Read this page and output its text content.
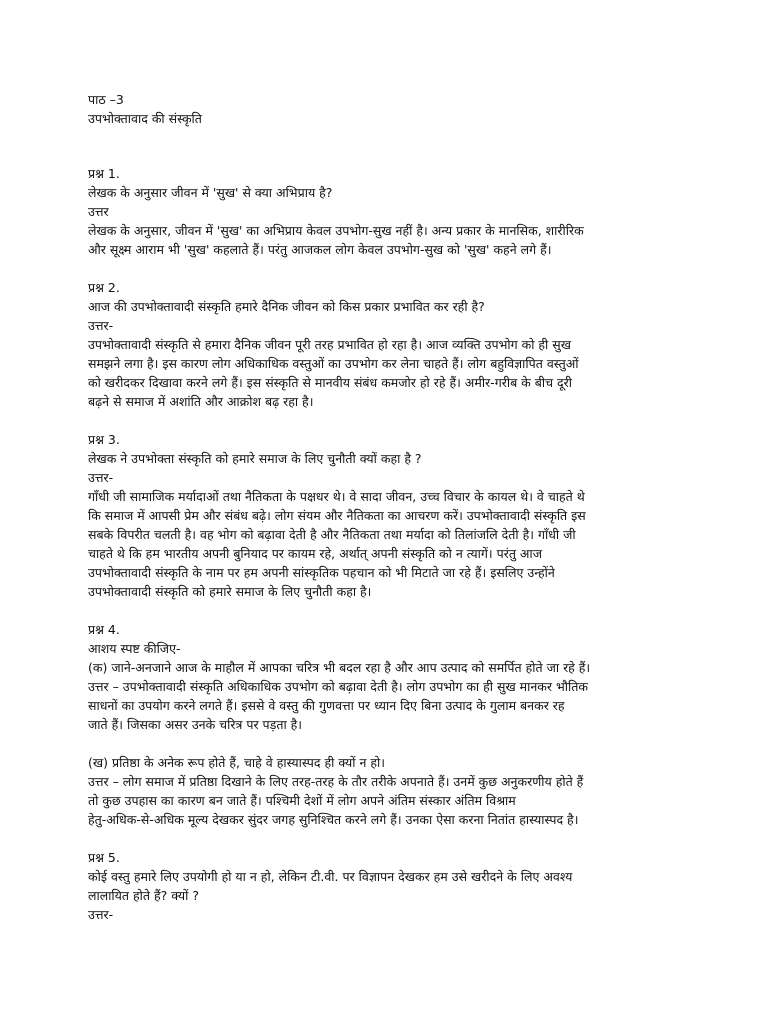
पाठ –3
उपभोक्तावाद की संस्कृति
प्रश्न 1.
लेखक के अनुसार जीवन में 'सुख' से क्या अभिप्राय है?
उत्तर
लेखक के अनुसार, जीवन में 'सुख' का अभिप्राय केवल उपभोग-सुख नहीं है। अन्य प्रकार के मानसिक, शारीरिक
और सूक्ष्म आराम भी 'सुख' कहलाते हैं। परंतु आजकल लोग केवल उपभोग-सुख को 'सुख' कहने लगे हैं।
प्रश्न 2.
आज की उपभोक्तावादी संस्कृति हमारे दैनिक जीवन को किस प्रकार प्रभावित कर रही है?
उत्तर-
उपभोक्तावादी संस्कृति से हमारा दैनिक जीवन पूरी तरह प्रभावित हो रहा है। आज व्यक्ति उपभोग को ही सुख
समझने लगा है। इस कारण लोग अधिकाधिक वस्तुओं का उपभोग कर लेना चाहते हैं। लोग बहुविज्ञापित वस्तुओं
को खरीदकर दिखावा करने लगे हैं। इस संस्कृति से मानवीय संबंध कमजोर हो रहे हैं। अमीर-गरीब के बीच दूरी
बढ़ने से समाज में अशांति और आक्रोश बढ़ रहा है।
प्रश्न 3.
लेखक ने उपभोक्ता संस्कृति को हमारे समाज के लिए चुनौती क्यों कहा है ?
उत्तर-
गाँधी जी सामाजिक मर्यादाओं तथा नैतिकता के पक्षधर थे। वे सादा जीवन, उच्च विचार के कायल थे। वे चाहते थे
कि समाज में आपसी प्रेम और संबंध बढ़े। लोग संयम और नैतिकता का आचरण करें। उपभोक्तावादी संस्कृति इस
सबके विपरीत चलती है। वह भोग को बढ़ावा देती है और नैतिकता तथा मर्यादा को तिलांजलि देती है। गाँधी जी
चाहते थे कि हम भारतीय अपनी बुनियाद पर कायम रहे, अर्थात् अपनी संस्कृति को न त्यागें। परंतु आज
उपभोक्तावादी संस्कृति के नाम पर हम अपनी सांस्कृतिक पहचान को भी मिटाते जा रहे हैं। इसलिए उन्होंने
उपभोक्तावादी संस्कृति को हमारे समाज के लिए चुनौती कहा है।
प्रश्न 4.
आशय स्पष्ट कीजिए-
(क) जाने-अनजाने आज के माहौल में आपका चरित्र भी बदल रहा है और आप उत्पाद को समर्पित होते जा रहे हैं।
उत्तर – उपभोक्तावादी संस्कृति अधिकाधिक उपभोग को बढ़ावा देती है। लोग उपभोग का ही सुख मानकर भौतिक
साधनों का उपयोग करने लगते हैं। इससे वे वस्तु की गुणवत्ता पर ध्यान दिए बिना उत्पाद के गुलाम बनकर रह
जाते हैं। जिसका असर उनके चरित्र पर पड़ता है।
(ख) प्रतिष्ठा के अनेक रूप होते हैं, चाहे वे हास्यास्पद ही क्यों न हो।
उत्तर – लोग समाज में प्रतिष्ठा दिखाने के लिए तरह-तरह के तौर तरीके अपनाते हैं। उनमें कुछ अनुकरणीय होते हैं
तो कुछ उपहास का कारण बन जाते हैं। पश्चिमी देशों में लोग अपने अंतिम संस्कार अंतिम विश्राम
हेतु-अधिक-से-अधिक मूल्य देखकर सुंदर जगह सुनिश्चित करने लगे हैं। उनका ऐसा करना नितांत हास्यास्पद है।
प्रश्न 5.
कोई वस्तु हमारे लिए उपयोगी हो या न हो, लेकिन टी.वी. पर विज्ञापन देखकर हम उसे खरीदने के लिए अवश्य
लालायित होते हैं? क्यों ?
उत्तर-
